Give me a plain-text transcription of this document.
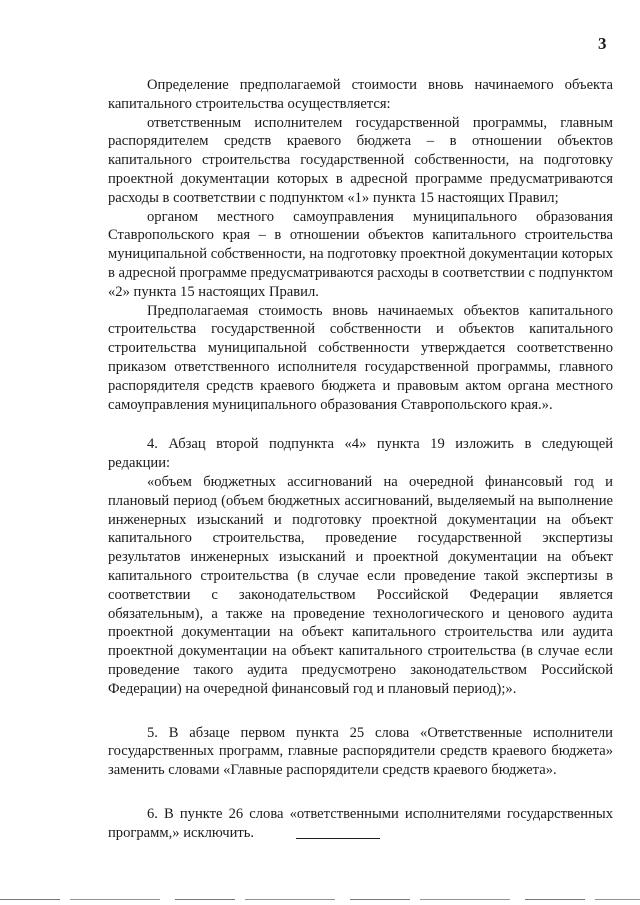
3

Определение предполагаемой стоимости вновь начинаемого объекта капитального строительства осуществляется:

ответственным исполнителем государственной программы, главным распорядителем средств краевого бюджета – в отношении объектов капитального строительства государственной собственности, на подготовку проектной документации которых в адресной программе предусматриваются расходы в соответствии с подпунктом «1» пункта 15 настоящих Правил;

органом местного самоуправления муниципального образования Ставропольского края – в отношении объектов капитального строительства муниципальной собственности, на подготовку проектной документации которых в адресной программе предусматриваются расходы в соответствии с подпунктом «2» пункта 15 настоящих Правил.

Предполагаемая стоимость вновь начинаемых объектов капитального строительства государственной собственности и объектов капитального строительства муниципальной собственности утверждается соответственно приказом ответственного исполнителя государственной программы, главного распорядителя средств краевого бюджета и правовым актом органа местного самоуправления муниципального образования Ставропольского края.».

4. Абзац второй подпункта «4» пункта 19 изложить в следующей редакции:

«объем бюджетных ассигнований на очередной финансовый год и плановый период (объем бюджетных ассигнований, выделяемый на выполнение инженерных изысканий и подготовку проектной документации на объект капитального строительства, проведение государственной экспертизы результатов инженерных изысканий и проектной документации на объект капитального строительства (в случае если проведение такой экспертизы в соответствии с законодательством Российской Федерации является обязательным), а также на проведение технологического и ценового аудита проектной документации на объект капитального строительства или аудита проектной документации на объект капитального строительства (в случае если проведение такого аудита предусмотрено законодательством Российской Федерации) на очередной финансовый год и плановый период);».

5. В абзаце первом пункта 25 слова «Ответственные исполнители государственных программ, главные распорядители средств краевого бюджета» заменить словами «Главные распорядители средств краевого бюджета».

6. В пункте 26 слова «ответственными исполнителями государственных программ,» исключить.
